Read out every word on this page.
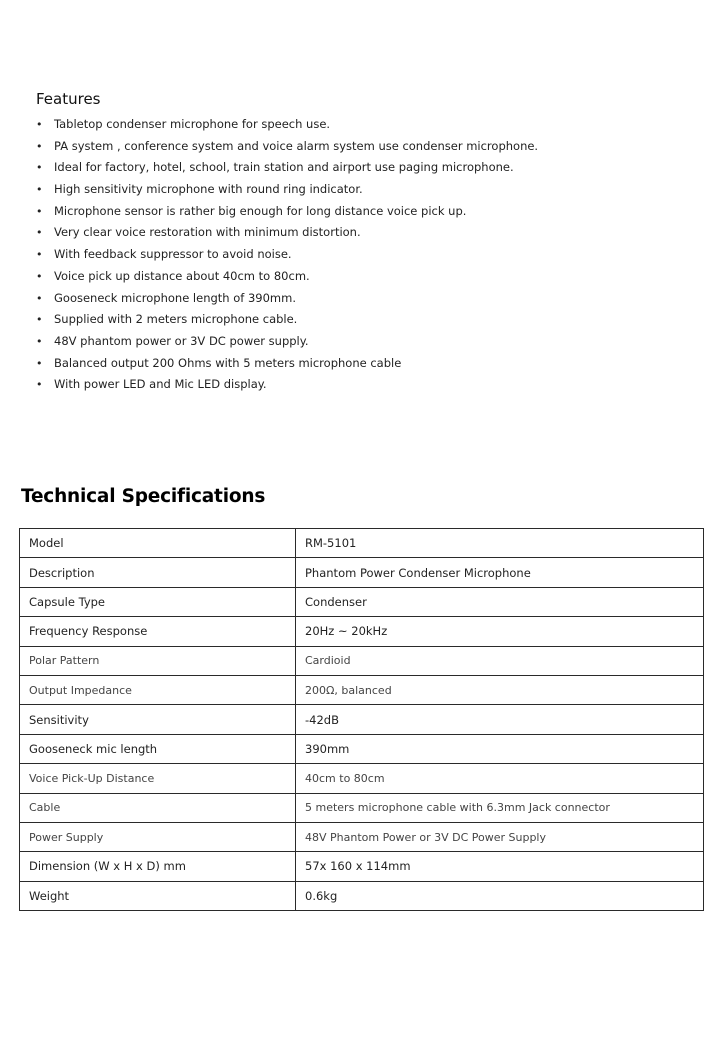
Features
• Tabletop condenser microphone for speech use.
• PA system , conference system and voice alarm system use condenser microphone.
• Ideal for factory, hotel, school, train station and airport use paging microphone.
• High sensitivity microphone with round ring indicator.
• Microphone sensor is rather big enough for long distance voice pick up.
• Very clear voice restoration with minimum distortion.
• With feedback suppressor to avoid noise.
• Voice pick up distance about 40cm to 80cm.
• Gooseneck microphone length of 390mm.
• Supplied with 2 meters microphone cable.
• 48V phantom power or 3V DC power supply.
• Balanced output 200 Ohms with 5 meters microphone cable
• With power LED and Mic LED display.
Technical Specifications
Model	RM-5101
Description	Phantom Power Condenser Microphone
Capsule Type	Condenser
Frequency Response	20Hz ~ 20kHz
Polar Pattern	Cardioid
Output Impedance	200Ω, balanced
Sensitivity	-42dB
Gooseneck mic length	390mm
Voice Pick-Up Distance	40cm to 80cm
Cable	5 meters microphone cable with 6.3mm Jack connector
Power Supply	48V Phantom Power or 3V DC Power Supply
Dimension (W x H x D) mm	57x 160 x 114mm
Weight	0.6kg
